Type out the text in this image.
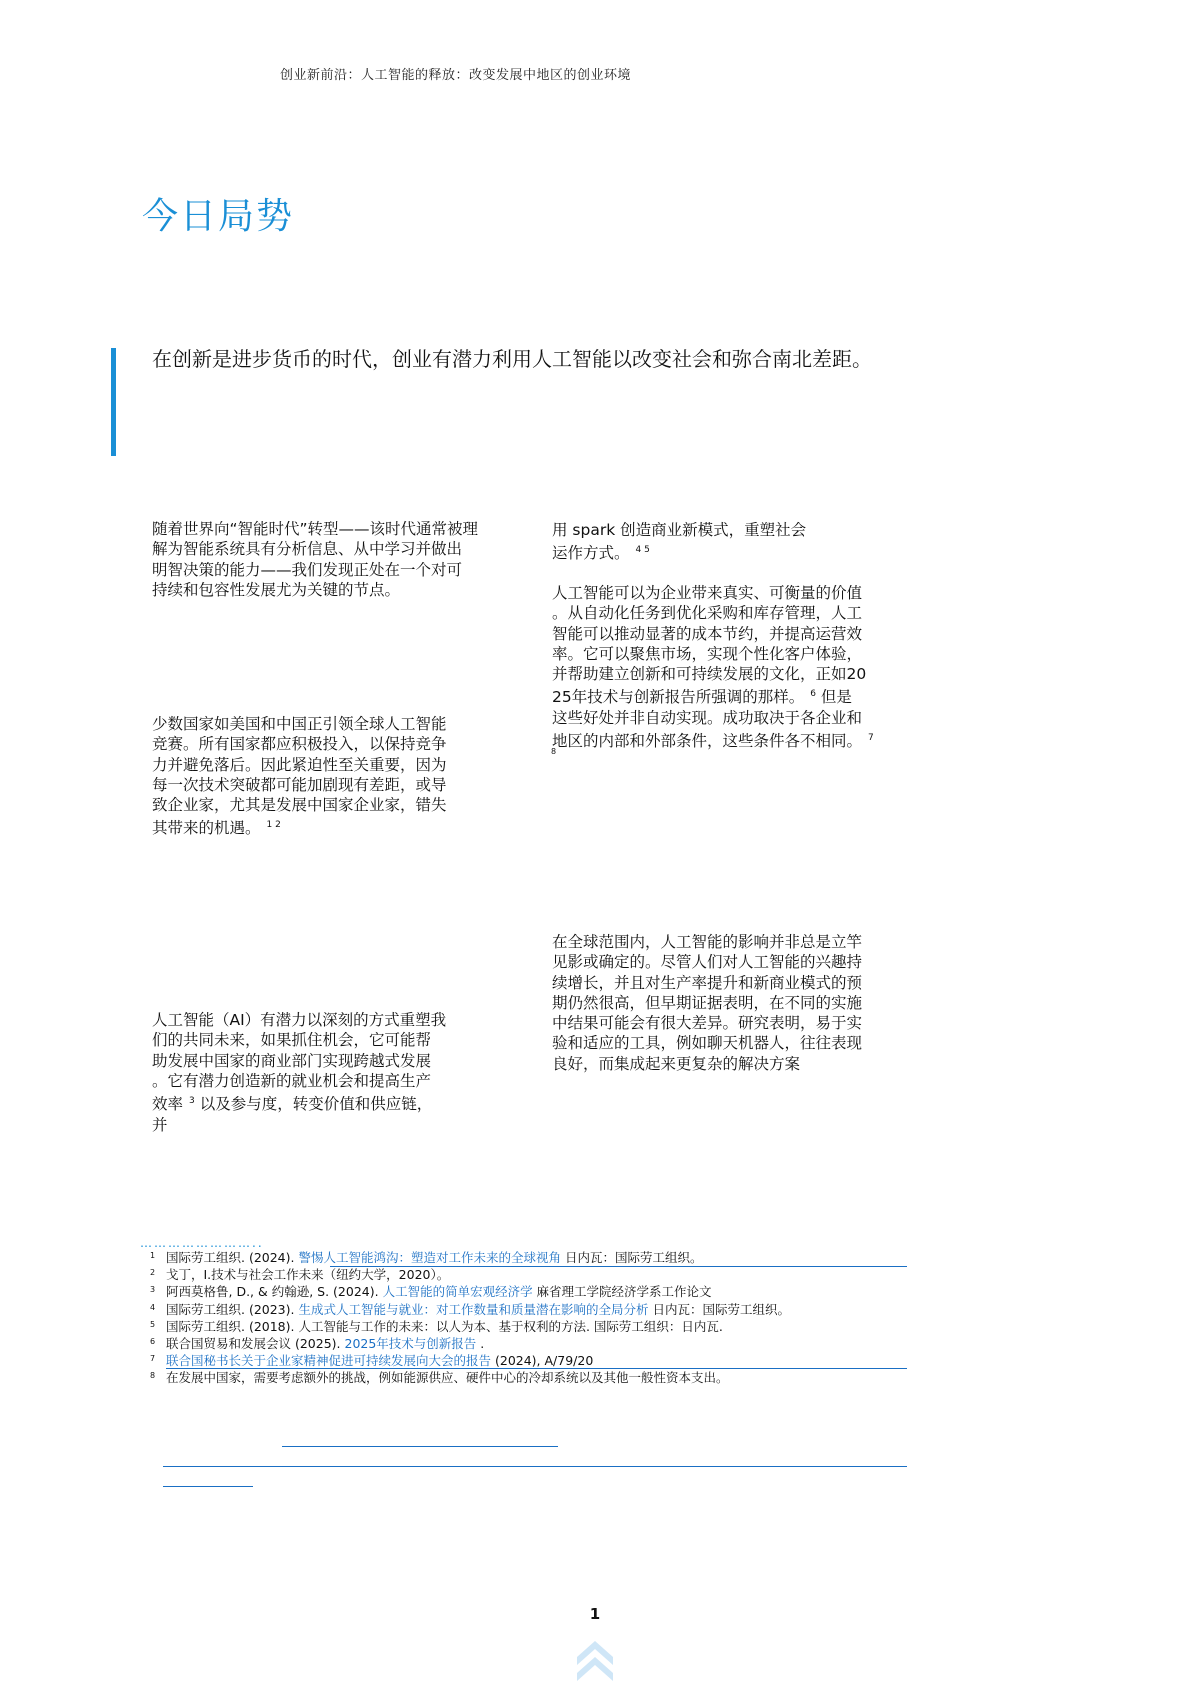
创业新前沿：人工智能的释放：改变发展中地区的创业环境
今日局势
在创新是进步货币的时代，创业有潜力利用人工智能以改变社会和弥合南北差距。
随着世界向“智能时代”转型——该时代通常被理
解为智能系统具有分析信息、从中学习并做出
明智决策的能力——我们发现正处在一个对可
持续和包容性发展尤为关键的节点。
少数国家如美国和中国正引领全球人工智能
竞赛。所有国家都应积极投入，以保持竞争
力并避免落后。因此紧迫性至关重要，因为
每一次技术突破都可能加剧现有差距，或导
致企业家，尤其是发展中国家企业家，错失
其带来的机遇。 $^{1 2}$
人工智能（AI）有潜力以深刻的方式重塑我
们的共同未来，如果抓住机会，它可能帮
助发展中国家的商业部门实现跨越式发展
。它有潜力创造新的就业机会和提高生产
效率 $^3$ 以及参与度，转变价值和供应链，
并
用 spark 创造商业新模式，重塑社会
运作方式。 $^{4 5}$
人工智能可以为企业带来真实、可衡量的价值
。从自动化任务到优化采购和库存管理，人工
智能可以推动显著的成本节约，并提高运营效
率。它可以聚焦市场，实现个性化客户体验，
并帮助建立创新和可持续发展的文化，正如20
25年技术与创新报告所强调的那样。 $^6$ 但是
这些好处并非自动实现。成功取决于各企业和
地区的内部和外部条件，这些条件各不相同。 $^7$
8
在全球范围内，人工智能的影响并非总是立竿
见影或确定的。尽管人们对人工智能的兴趣持
续增长，并且对生产率提升和新商业模式的预
期仍然很高，但早期证据表明，在不同的实施
中结果可能会有很大差异。研究表明，易于实
验和适应的工具，例如聊天机器人，往往表现
良好，而集成起来更复杂的解决方案
……………………..
1 国际劳工组织. (2024). 警惕人工智能鸿沟：塑造对工作未来的全球视角 日内瓦：国际劳工组织。
2 戈丁，I.技术与社会工作未来（纽约大学，2020）。
3 阿西莫格鲁, D., & 约翰逊, S. (2024). 人工智能的简单宏观经济学 麻省理工学院经济学系工作论文
4 国际劳工组织. (2023). 生成式人工智能与就业：对工作数量和质量潜在影响的全局分析 日内瓦：国际劳工组织。
5 国际劳工组织. (2018). 人工智能与工作的未来：以人为本、基于权利的方法. 国际劳工组织：日内瓦.
6 联合国贸易和发展会议 (2025). 2025年技术与创新报告 .
7 联合国秘书长关于企业家精神促进可持续发展向大会的报告 (2024), A/79/20
8 在发展中国家，需要考虑额外的挑战，例如能源供应、硬件中心的冷却系统以及其他一般性资本支出。
1
